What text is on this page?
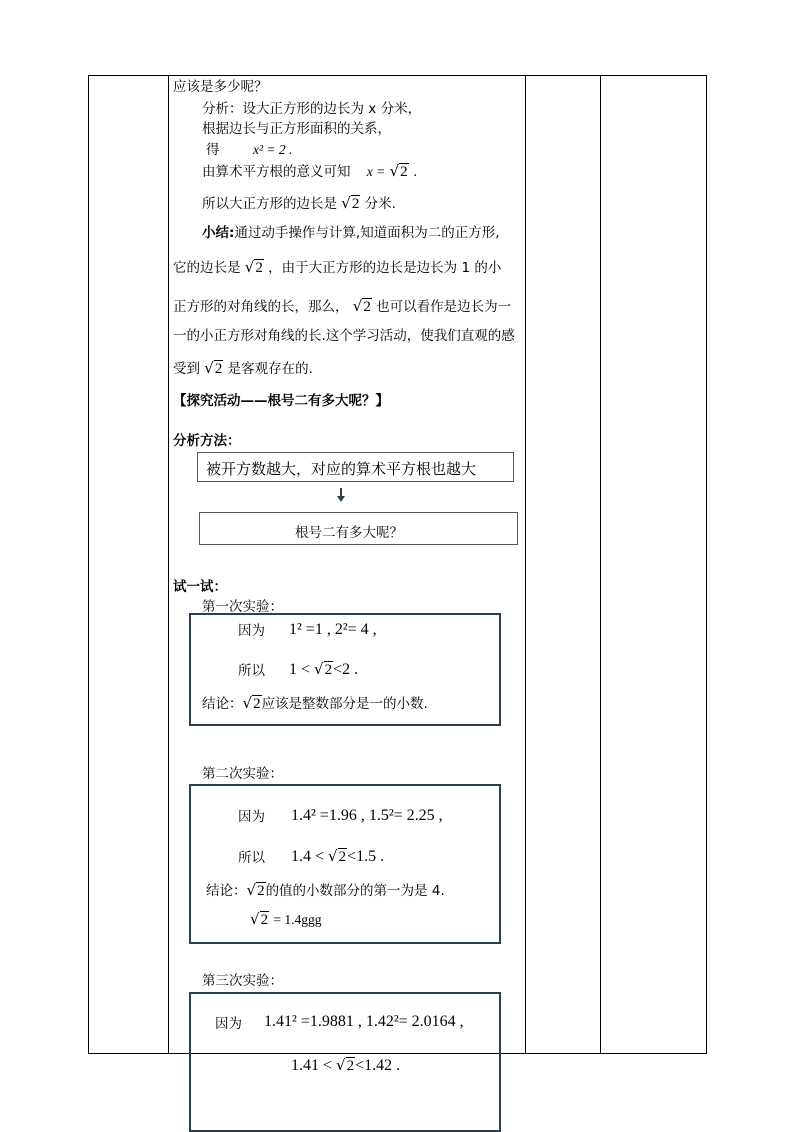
应该是多少呢？
分析：设大正方形的边长为 x 分米，
根据边长与正方形面积的关系，
得 x² = 2 .
由算术平方根的意义可知 x = √2 .
所以大正方形的边长是 √2 分米.
小结:通过动手操作与计算,知道面积为二的正方形,
它的边长是 √2 ，由于大正方形的边长是边长为 1 的小
正方形的对角线的长，那么， √2 也可以看作是边长为一
一的小正方形对角线的长.这个学习活动，使我们直观的感
受到 √2 是客观存在的.
【探究活动——根号二有多大呢？】
分析方法：
被开方数越大，对应的算术平方根也越大
根号二有多大呢？
试一试：
第一次实验：
因为 1² =1 , 2²= 4 ,
所以 1 < √2<2 .
结论：√2应该是整数部分是一的小数.
第二次实验：
因为 1.4² =1.96 , 1.5²= 2.25 ,
所以 1.4 < √2<1.5 .
结论：√2的值的小数部分的第一为是 4.
√2 = 1.4ggg
第三次实验：
因为 1.41² =1.9881 , 1.42²= 2.0164 ,
1.41 < √2<1.42 .
